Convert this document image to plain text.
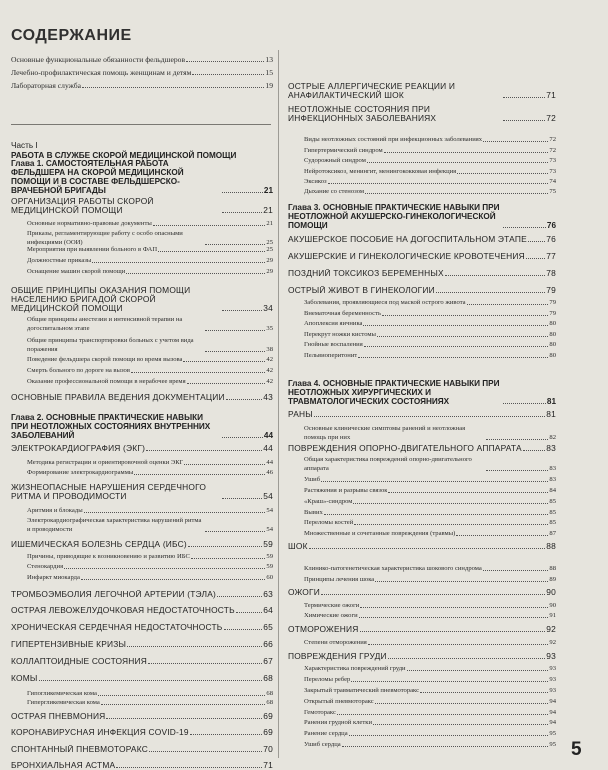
СОДЕРЖАНИЕ
Основные функциональные обязанности фельдшеров	13
Лечебно-профилактическая помощь женщинам и детям	15
Лабораторная служба	19
Часть I
РАБОТА В СЛУЖБЕ СКОРОЙ МЕДИЦИНСКОЙ ПОМОЩИ
Глава 1. САМОСТОЯТЕЛЬНАЯ РАБОТА ФЕЛЬДШЕРА НА СКОРОЙ МЕДИЦИНСКОЙ ПОМОЩИ И В СОСТАВЕ ФЕЛЬДШЕРСКО-ВРАЧЕБНОЙ БРИГАДЫ	21
ОРГАНИЗАЦИЯ РАБОТЫ СКОРОЙ МЕДИЦИНСКОЙ ПОМОЩИ	21
Основные нормативно-правовые документы	21
Приказы, регламентирующие работу с особо опасными инфекциями (ООИ)	25
Мероприятия при выявлении больного в ФАП	25
Должностные приказы	29
Оснащение машин скорой помощи	29
ОБЩИЕ ПРИНЦИПЫ ОКАЗАНИЯ ПОМОЩИ НАСЕЛЕНИЮ БРИГАДОЙ СКОРОЙ МЕДИЦИНСКОЙ ПОМОЩИ	34
Общие принципы анестезии и интенсивной терапии на догоспитальном этапе	35
Общие принципы транспортировки больных с учетом вида поражения	38
Поведение фельдшера скорой помощи во время вызова	42
Смерть больного по дороге на вызов	42
Оказание профессиональной помощи в нерабочее время	42
ОСНОВНЫЕ ПРАВИЛА ВЕДЕНИЯ ДОКУМЕНТАЦИИ	43
Глава 2. ОСНОВНЫЕ ПРАКТИЧЕСКИЕ НАВЫКИ ПРИ НЕОТЛОЖНЫХ СОСТОЯНИЯХ ВНУТРЕННИХ ЗАБОЛЕВАНИЙ	44
ЭЛЕКТРОКАРДИОГРАФИЯ (ЭКГ)	44
Методика регистрации и ориентировочной оценки ЭКГ	44
Формирование электрокардиограммы	46
ЖИЗНЕОПАСНЫЕ НАРУШЕНИЯ СЕРДЕЧНОГО РИТМА И ПРОВОДИМОСТИ	54
Аритмия и блокады	54
Электрокардиографическая характеристика нарушений ритма и проводимости	54
ИШЕМИЧЕСКАЯ БОЛЕЗНЬ СЕРДЦА (ИБС)	59
Причины, приводящие к возникновению и развитию ИБС	59
Стенокардия	59
Инфаркт миокарда	60
ТРОМБОЭМБОЛИЯ ЛЕГОЧНОЙ АРТЕРИИ (ТЭЛА)	63
ОСТРАЯ ЛЕВОЖЕЛУДОЧКОВАЯ НЕДОСТАТОЧНОСТЬ	64
ХРОНИЧЕСКАЯ СЕРДЕЧНАЯ НЕДОСТАТОЧНОСТЬ	65
ГИПЕРТЕНЗИВНЫЕ КРИЗЫ	66
КОЛЛАПТОИДНЫЕ СОСТОЯНИЯ	67
КОМЫ	68
Гипогликемическая кома	68
Гипергликемическая кома	68
ОСТРАЯ ПНЕВМОНИЯ	69
КОРОНАВИРУСНАЯ ИНФЕКЦИЯ COVID-19	69
СПОНТАННЫЙ ПНЕВМОТОРАКС	70
БРОНХИАЛЬНАЯ АСТМА	71
ОСТРЫЕ АЛЛЕРГИЧЕСКИЕ РЕАКЦИИ И АНАФИЛАКТИЧЕСКИЙ ШОК	71
НЕОТЛОЖНЫЕ СОСТОЯНИЯ ПРИ ИНФЕКЦИОННЫХ ЗАБОЛЕВАНИЯХ	72
Виды неотложных состояний при инфекционных заболеваниях	72
Гипертермический синдром	72
Судорожный синдром	73
Нейротоксикоз, менингит, менингококковая инфекция	73
Эксикоз	74
Дыхание со стенозом	75
Глава 3. ОСНОВНЫЕ ПРАКТИЧЕСКИЕ НАВЫКИ ПРИ НЕОТЛОЖНОЙ АКУШЕРСКО-ГИНЕКОЛОГИЧЕСКОЙ ПОМОЩИ	76
АКУШЕРСКОЕ ПОСОБИЕ НА ДОГОСПИТАЛЬНОМ ЭТАПЕ 76
АКУШЕРСКИЕ И ГИНЕКОЛОГИЧЕСКИЕ КРОВОТЕЧЕНИЯ	77
ПОЗДНИЙ ТОКСИКОЗ БЕРЕМЕННЫХ	78
ОСТРЫЙ ЖИВОТ В ГИНЕКОЛОГИИ	79
Заболевания, проявляющиеся под маской острого живота	79
Внематочная беременность	79
Апоплексия яичника	80
Перекрут ножки кистомы	80
Гнойные воспаления	80
Пельвиоперитонит	80
Глава 4. ОСНОВНЫЕ ПРАКТИЧЕСКИЕ НАВЫКИ ПРИ НЕОТЛОЖНЫХ ХИРУРГИЧЕСКИХ И ТРАВМАТОЛОГИЧЕСКИХ СОСТОЯНИЯХ	81
РАНЫ	81
Основные клинические симптомы ранений и неотложная помощь при них	82
ПОВРЕЖДЕНИЯ ОПОРНО-ДВИГАТЕЛЬНОГО АППАРАТА	83
Общая характеристика повреждений опорно-двигательного аппарата	83
Ушиб	83
Растяжения и разрывы связок	84
«Краш»-синдром	85
Вывих	85
Переломы костей	85
Множественные и сочетанные повреждения (травмы)	87
ШОК	88
Клинико-патогенетическая характеристика шокового синдрома	88
Принципы лечения шока	89
ОЖОГИ	90
Термические ожоги	90
Химические ожоги	91
ОТМОРОЖЕНИЯ	92
Степени отморожения	92
ПОВРЕЖДЕНИЯ ГРУДИ	93
Характеристика повреждений груди	93
Переломы ребер	93
Закрытый травматический пневмоторакс	93
Открытый пневмоторакс	94
Гемоторакс	94
Ранения грудной клетки	94
Ранение сердца	95
Ушиб сердца	95 5
